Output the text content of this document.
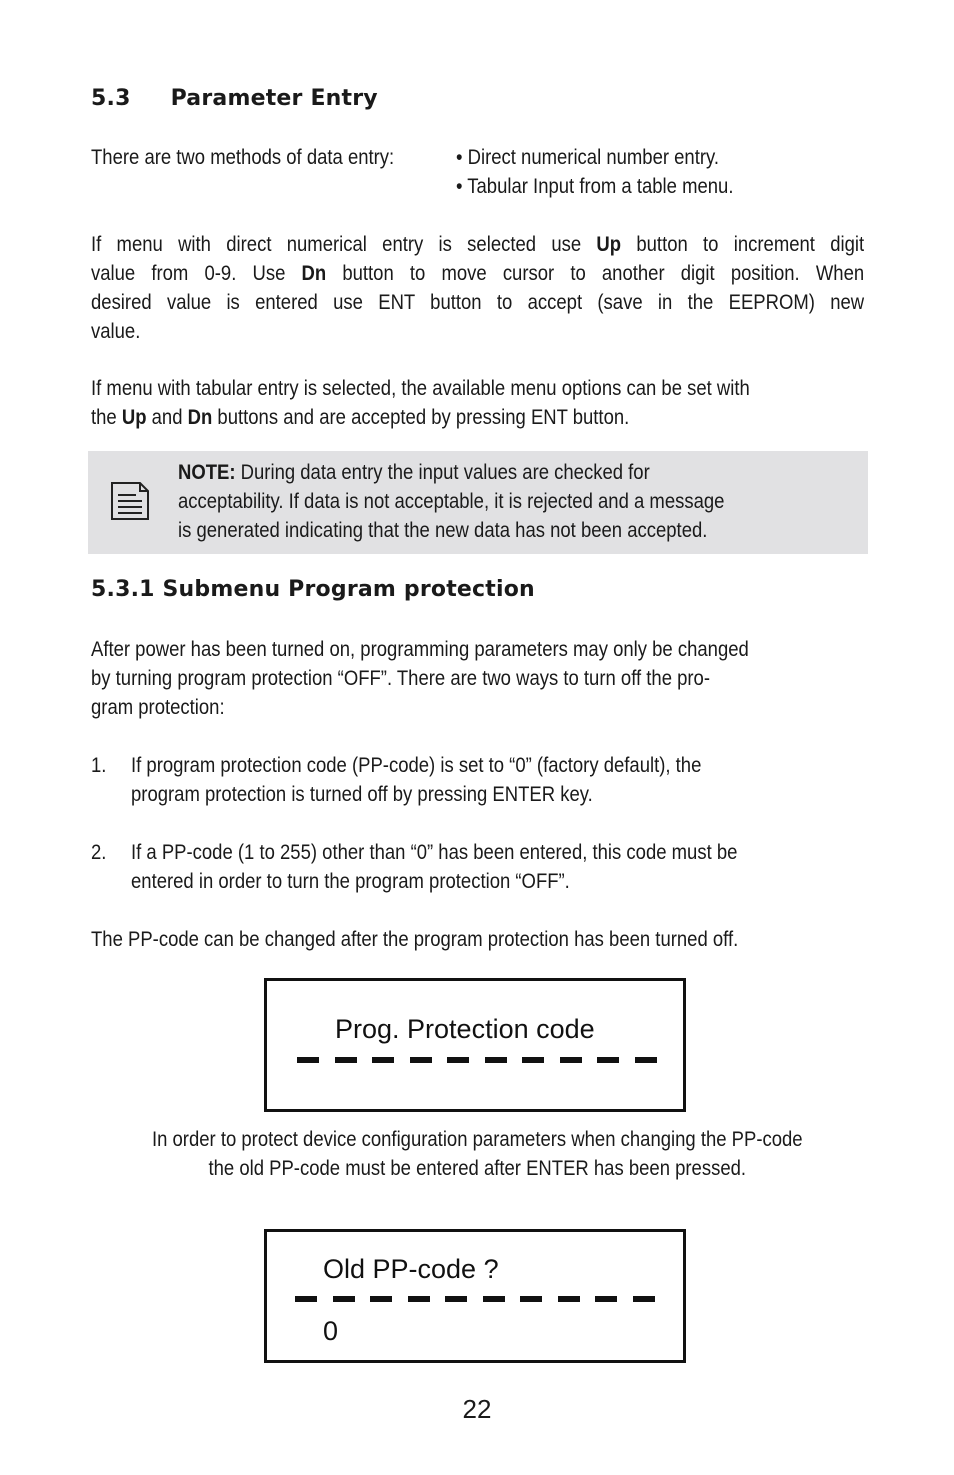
5.3 Parameter Entry
There are two methods of data entry:	• Direct numerical number entry.
• Tabular Input from a table menu.
If menu with direct numerical entry is selected use Up button to increment digit
value from 0-9. Use Dn button to move cursor to another digit position. When
desired value is entered use ENT button to accept (save in the EEPROM) new
value.
If menu with tabular entry is selected, the available menu options can be set with
the Up and Dn buttons and are accepted by pressing ENT button.
NOTE: During data entry the input values are checked for
acceptability. If data is not acceptable, it is rejected and a message
is generated indicating that the new data has not been accepted.
5.3.1 Submenu Program protection
After power has been turned on, programming parameters may only be changed
by turning program protection “OFF”. There are two ways to turn off the pro-
gram protection:
1. If program protection code (PP-code) is set to “0” (factory default), the
program protection is turned off by pressing ENTER key.
2. If a PP-code (1 to 255) other than “0” has been entered, this code must be
entered in order to turn the program protection “OFF”.
The PP-code can be changed after the program protection has been turned off.
Prog. Protection code
In order to protect device configuration parameters when changing the PP-code
the old PP-code must be entered after ENTER has been pressed.
Old PP-code ?
0
22
